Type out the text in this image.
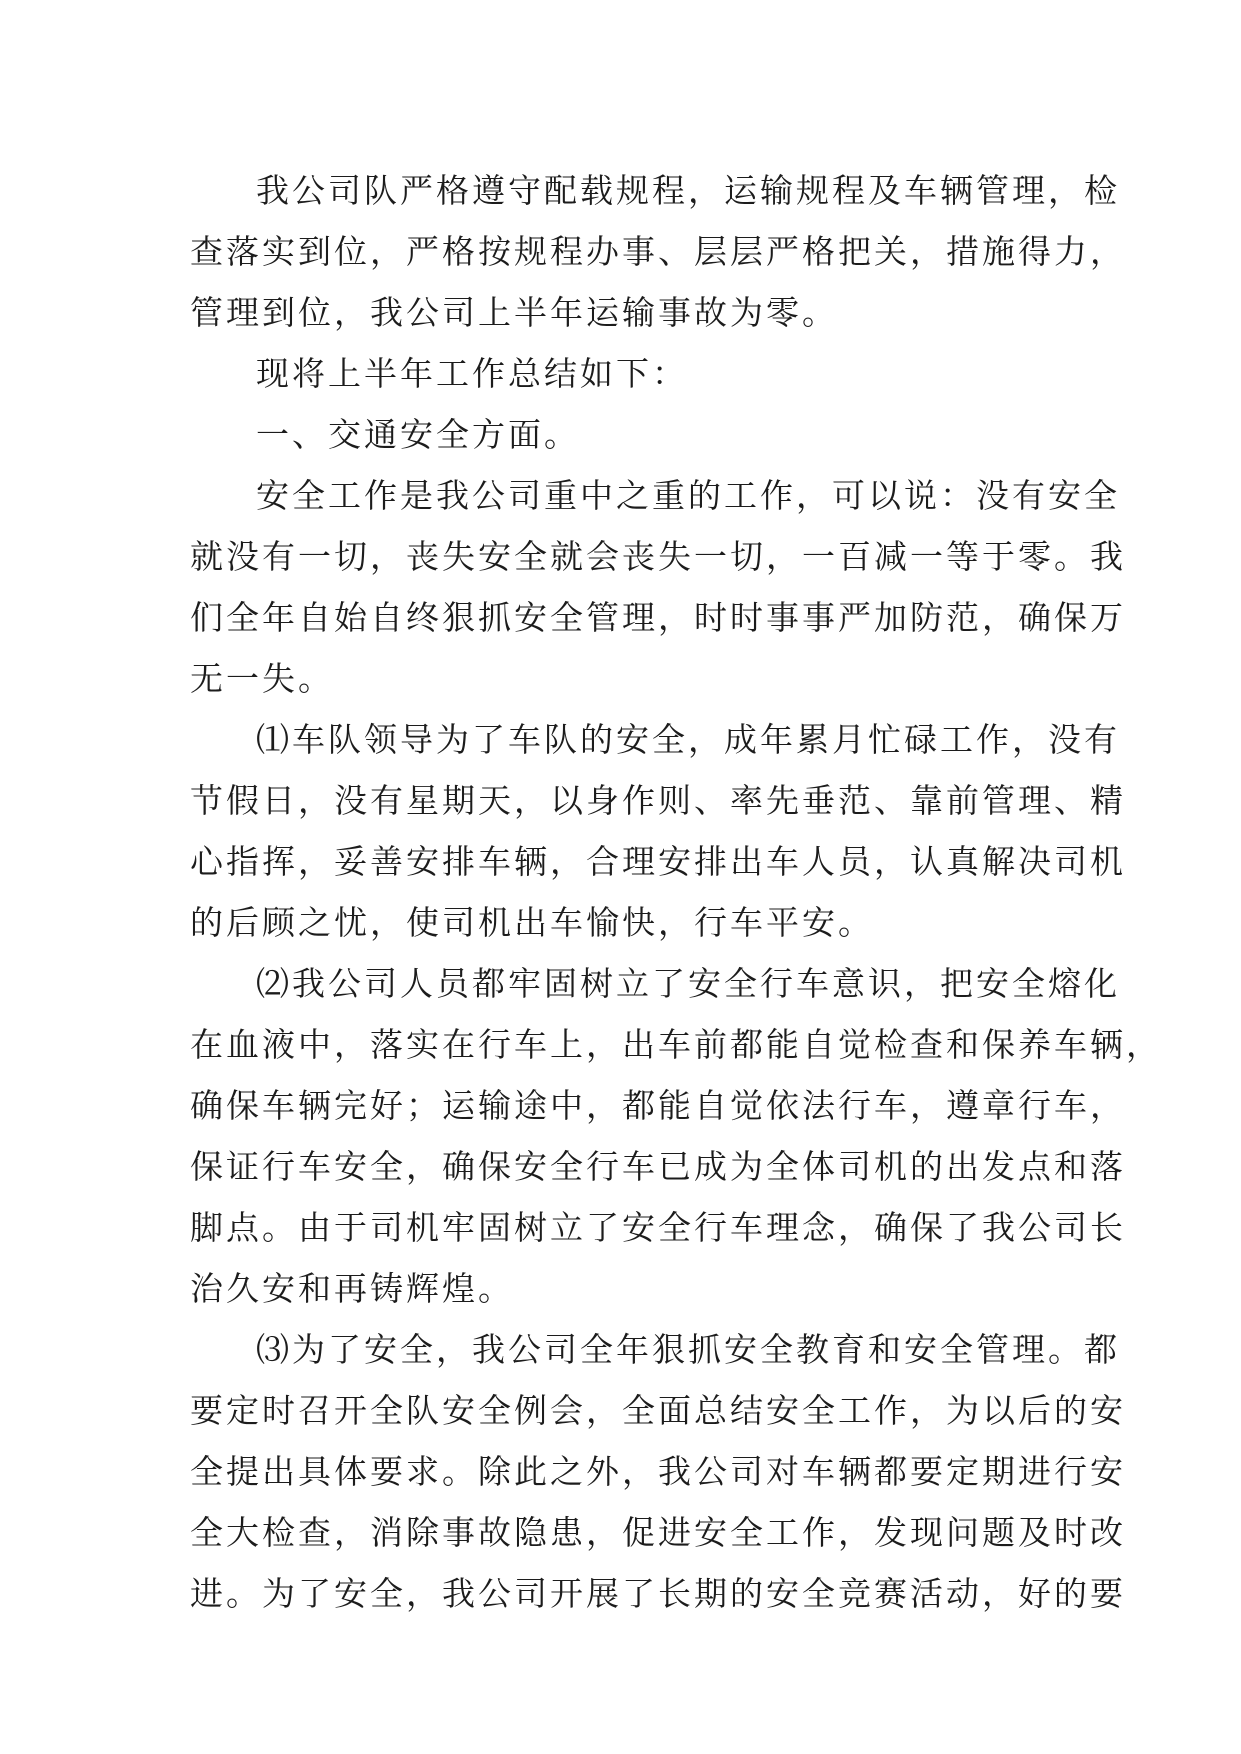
我公司队严格遵守配载规程，运输规程及车辆管理，检
查落实到位，严格按规程办事、层层严格把关，措施得力，
管理到位，我公司上半年运输事故为零。
现将上半年工作总结如下：
一、交通安全方面。
安全工作是我公司重中之重的工作，可以说：没有安全
就没有一切，丧失安全就会丧失一切，一百减一等于零。我
们全年自始自终狠抓安全管理，时时事事严加防范，确保万
无一失。
⑴车队领导为了车队的安全，成年累月忙碌工作，没有
节假日，没有星期天，以身作则、率先垂范、靠前管理、精
心指挥，妥善安排车辆，合理安排出车人员，认真解决司机
的后顾之忧，使司机出车愉快，行车平安。
⑵我公司人员都牢固树立了安全行车意识，把安全熔化
在血液中，落实在行车上，出车前都能自觉检查和保养车辆，
确保车辆完好；运输途中，都能自觉依法行车，遵章行车，
保证行车安全，确保安全行车已成为全体司机的出发点和落
脚点。由于司机牢固树立了安全行车理念，确保了我公司长
治久安和再铸辉煌。
⑶为了安全，我公司全年狠抓安全教育和安全管理。都
要定时召开全队安全例会，全面总结安全工作，为以后的安
全提出具体要求。除此之外，我公司对车辆都要定期进行安
全大检查，消除事故隐患，促进安全工作，发现问题及时改
进。为了安全，我公司开展了长期的安全竞赛活动，好的要
